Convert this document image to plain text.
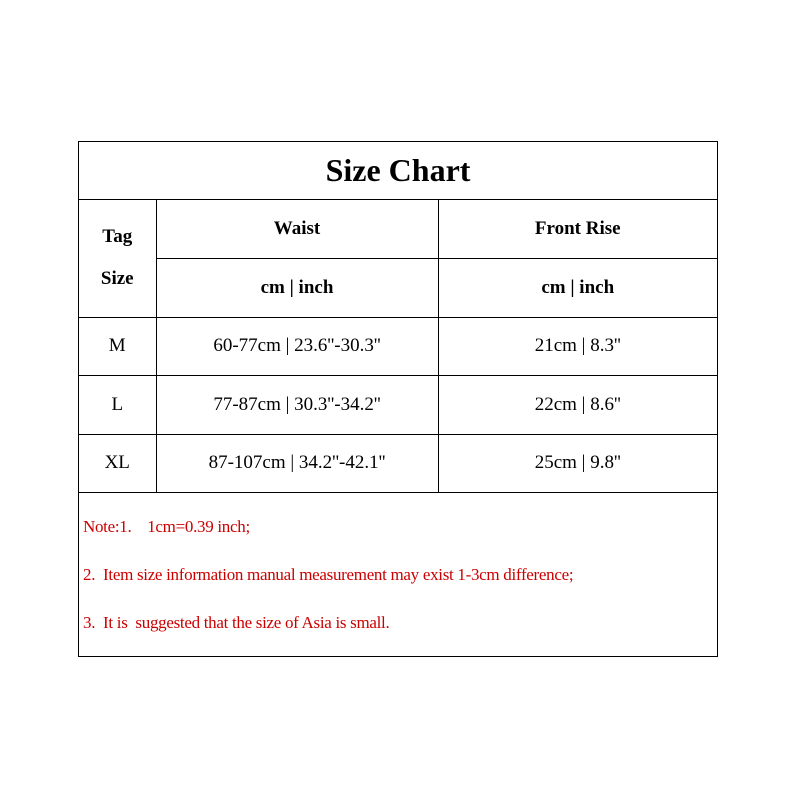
Size Chart
Tag
Size	Waist	Front Rise
	cm | inch	cm | inch
M	60-77cm | 23.6''-30.3''	21cm | 8.3''
L	77-87cm | 30.3''-34.2''	22cm | 8.6''
XL	87-107cm | 34.2''-42.1''	25cm | 9.8''
Note:1.    1cm=0.39 inch;
2.  Item size information manual measurement may exist 1-3cm difference;
3.  It is  suggested that the size of Asia is small.
